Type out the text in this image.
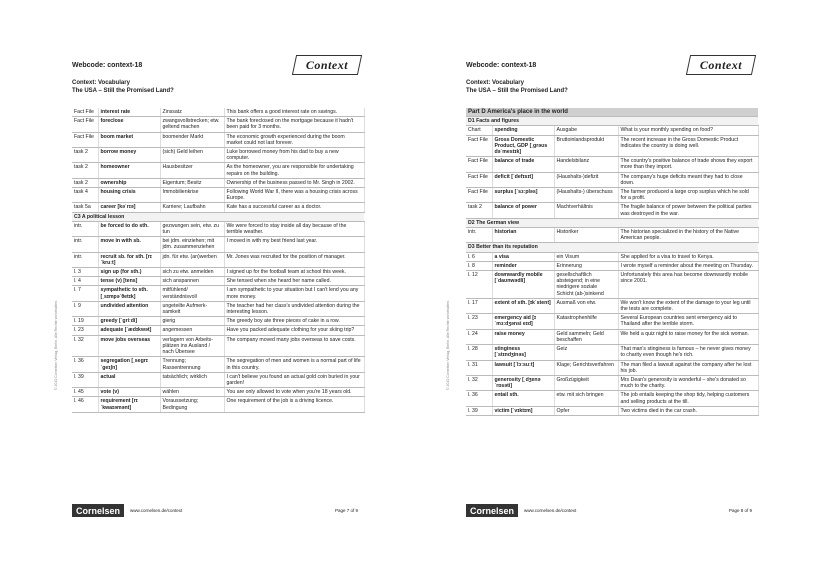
Webcode: context-18	Context
Context: Vocabulary
The USA – Still the Promised Land?
Fact File	interest rate	Zinssatz	This bank offers a good interest rate on savings.
Fact File	foreclose	zwangsvollstrecken; etw. geltend machen	The bank foreclosed on the mortgage because it hadn't been paid for 3 months.
Fact File	boom market	boomender Markt	The economic growth experienced during the boom market could not last forever.
task 2	borrow money	(sich) Geld leihen	Luke borrowed money from his dad to buy a new computer.
task 2	homeowner	Hausbesitzer	As the homeowner, you are responsible for undertaking repairs on the building.
task 2	ownership	Eigentum; Besitz	Ownership of the business passed to Mr. Singh in 2002.
task 4	housing crisis	Immobilienkrise	Following World War II, there was a housing crisis across Europe.
task 5a	career [kəˈrɪə]	Karriere; Laufbahn	Kate has a successful career as a doctor.
C3 A political lesson			
intr.	be forced to do sth.	gezwungen sein, etw. zu tun	We were forced to stay inside all day because of the terrible weather.
intr.	move in with sb.	bei jdm. einziehen; mit jdm. zusammenziehen	I moved in with my best friend last year.
intr.	recruit sb. for sth. [rɪˈkruːt]	jdn. für etw. (an)werben	Mr. Jones was recruited for the position of manager.
l. 3	sign up (for sth.)	sich zu etw. anmelden	I signed up for the football team at school this week.
l. 4	tense (v) [tens]	sich anspannen	She tensed when she heard her name called.
l. 7	sympathetic to sth. [ˌsɪmpəˈθetɪk]	mitfühlend/ verständnisvoll	I am sympathetic to your situation but I can't lend you any more money.
l. 9	undivided attention	ungeteilte Aufmerk- samkeit	The teacher had her class's undivided attention during the interesting lesson.
l. 19	greedy [ˈɡriːdi]	gierig	The greedy boy ate three pieces of cake in a row.
l. 23	adequate [ˈædɪkwət]	angemessen	Have you packed adequate clothing for your skiing trip?
l. 32	move jobs overseas	verlagern von Arbeits- plätzen ins Ausland / nach Übersee	The company moved many jobs overseas to save costs.
l. 36	segregation [ˌseɡrɪˈɡeɪʃn]	Trennung; Rassentrennung	The segregation of men and women is a normal part of life in this country.
l. 39	actual	tatsächlich; wirklich	I can't believe you found an actual gold coin buried in your garden!
l. 45	vote (v)	wählen	You are only allowed to vote when you're 18 years old.
l. 46	requirement [rɪˈkwaɪəmənt]	Voraussetzung; Bedingung	One requirement of the job is a driving licence.
Cornelsen	www.cornelsen.de/context	Page 7 of 9
© 2010 Cornelsen Verlag, Berlin. Alle Rechte vorbehalten.
Webcode: context-18	Context
Context: Vocabulary
The USA – Still the Promised Land?
Part D America's place in the world			
D1 Facts and figures			
Chart	spending	Ausgabe	What is your monthly spending on food?
Fact File	Gross Domestic Product, GDP [ˌgrəʊs dəˈmestɪk]	Bruttoinlandsprodukt	The recent increase in the Gross Domestic Product indicates the country is doing well.
Fact File	balance of trade	Handelsbilanz	The country's positive balance of trade shows they export more than they import.
Fact File	deficit [ˈdefɪsɪt]	(Haushalts-)defizit	The company's huge deficits meant they had to close down.
Fact File	surplus [ˈsɜːpləs]	(Haushalts-) überschuss	The farmer produced a large crop surplus which he sold for a profit.
task 2	balance of power	Machtverhältnis	The fragile balance of power between the political parties was destroyed in the war.
D2 The German view			
intr.	historian	Historiker	The historian specialized in the history of the Native American people.
D3 Better than its reputation			
l. 6	a visa	ein Visum	She applied for a visa to travel to Kenya.
l. 8	reminder	Erinnerung	I wrote myself a reminder about the meeting on Thursday.
l. 12	downwardly mobile [ˈdaʊnwədli]	gesellschaftlich absteigend; in eine niedrigere soziale Schicht (ab-)sinkend	Unfortunately this area has become downwardly mobile since 2001.
l. 17	extent of sth. [ɪkˈstent]	Ausmaß von etw.	We won't know the extent of the damage to your leg until the tests are complete.
l. 23	emergency aid [ɪˈmɜːdʒənsi eɪd]	Katastrophenhilfe	Several European countries sent emergency aid to Thailand after the terrible storm.
l. 24	raise money	Geld sammeln; Geld beschaffen	We held a quiz night to raise money for the sick woman.
l. 28	stinginess [ˈstɪndʒinəs]	Geiz	That man's stinginess is famous – he never gives money to charity even though he's rich.
l. 31	lawsuit [ˈlɔːsuːt]	Klage; Gerichtsverfahren	The man filed a lawsuit against the company after he lost his job.
l. 32	generosity [ˌdʒenəˈrɒsəti]	Großzügigkeit	Mrs Dean's generosity is wonderful – she's donated so much to the charity.
l. 36	entail sth.	etw. mit sich bringen	The job entails keeping the shop tidy, helping customers and selling products at the till.
l. 39	victim [ˈvɪktɪm]	Opfer	Two victims died in the car crash.
Cornelsen	www.cornelsen.de/context	Page 8 of 9
© 2010 Cornelsen Verlag, Berlin. Alle Rechte vorbehalten.
